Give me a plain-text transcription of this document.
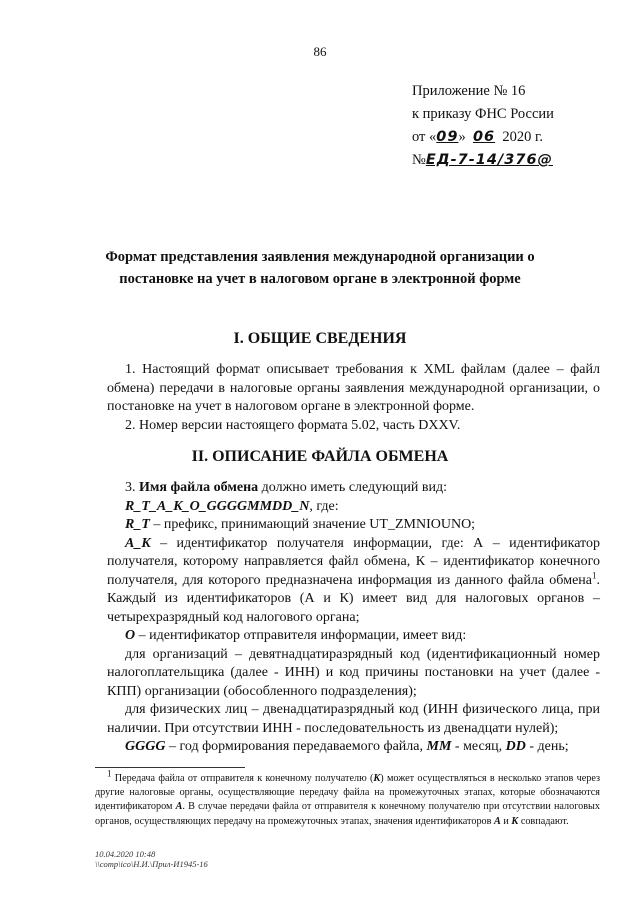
86
Приложение № 16
к приказу ФНС России
от «09» 06 2020 г.
№ЕД-7-14/376@
Формат представления заявления международной организации о
постановке на учет в налоговом органе в электронной форме
I. ОБЩИЕ СВЕДЕНИЯ

1. Настоящий формат описывает требования к XML файлам (далее – файл обмена) передачи в налоговые органы заявления международной организации, о постановке на учет в налоговом органе в электронной форме.

2. Номер версии настоящего формата 5.02, часть DXXV.

II. ОПИСАНИЕ ФАЙЛА ОБМЕНА

3. Имя файла обмена должно иметь следующий вид:

R_T_A_K_O_GGGGMMDD_N, где:

R_T – префикс, принимающий значение UT_ZMNIOUNO;

A_K – идентификатор получателя информации, где: А – идентификатор получателя, которому направляется файл обмена, К – идентификатор конечного получателя, для которого предназначена информация из данного файла обмена$^1$. Каждый из идентификаторов (А и К) имеет вид для налоговых органов – четырехразрядный код налогового органа;

O – идентификатор отправителя информации, имеет вид:

для организаций – девятнадцатиразрядный код (идентификационный номер налогоплательщика (далее - ИНН) и код причины постановки на учет (далее - КПП) организации (обособленного подразделения);

для физических лиц – двенадцатиразрядный код (ИНН физического лица, при наличии. При отсутствии ИНН - последовательность из двенадцати нулей);

GGGG – год формирования передаваемого файла, MM - месяц, DD - день;

$^1$ Передача файла от отправителя к конечному получателю (К) может осуществляться в несколько этапов через другие налоговые органы, осуществляющие передачу файла на промежуточных этапах, которые обозначаются идентификатором А. В случае передачи файла от отправителя к конечному получателю при отсутствии налоговых органов, осуществляющих передачу на промежуточных этапах, значения идентификаторов А и К совпадают.
10.04.2020 10:48
\\comp\ico\Н.И.\Прил-И1945-16
